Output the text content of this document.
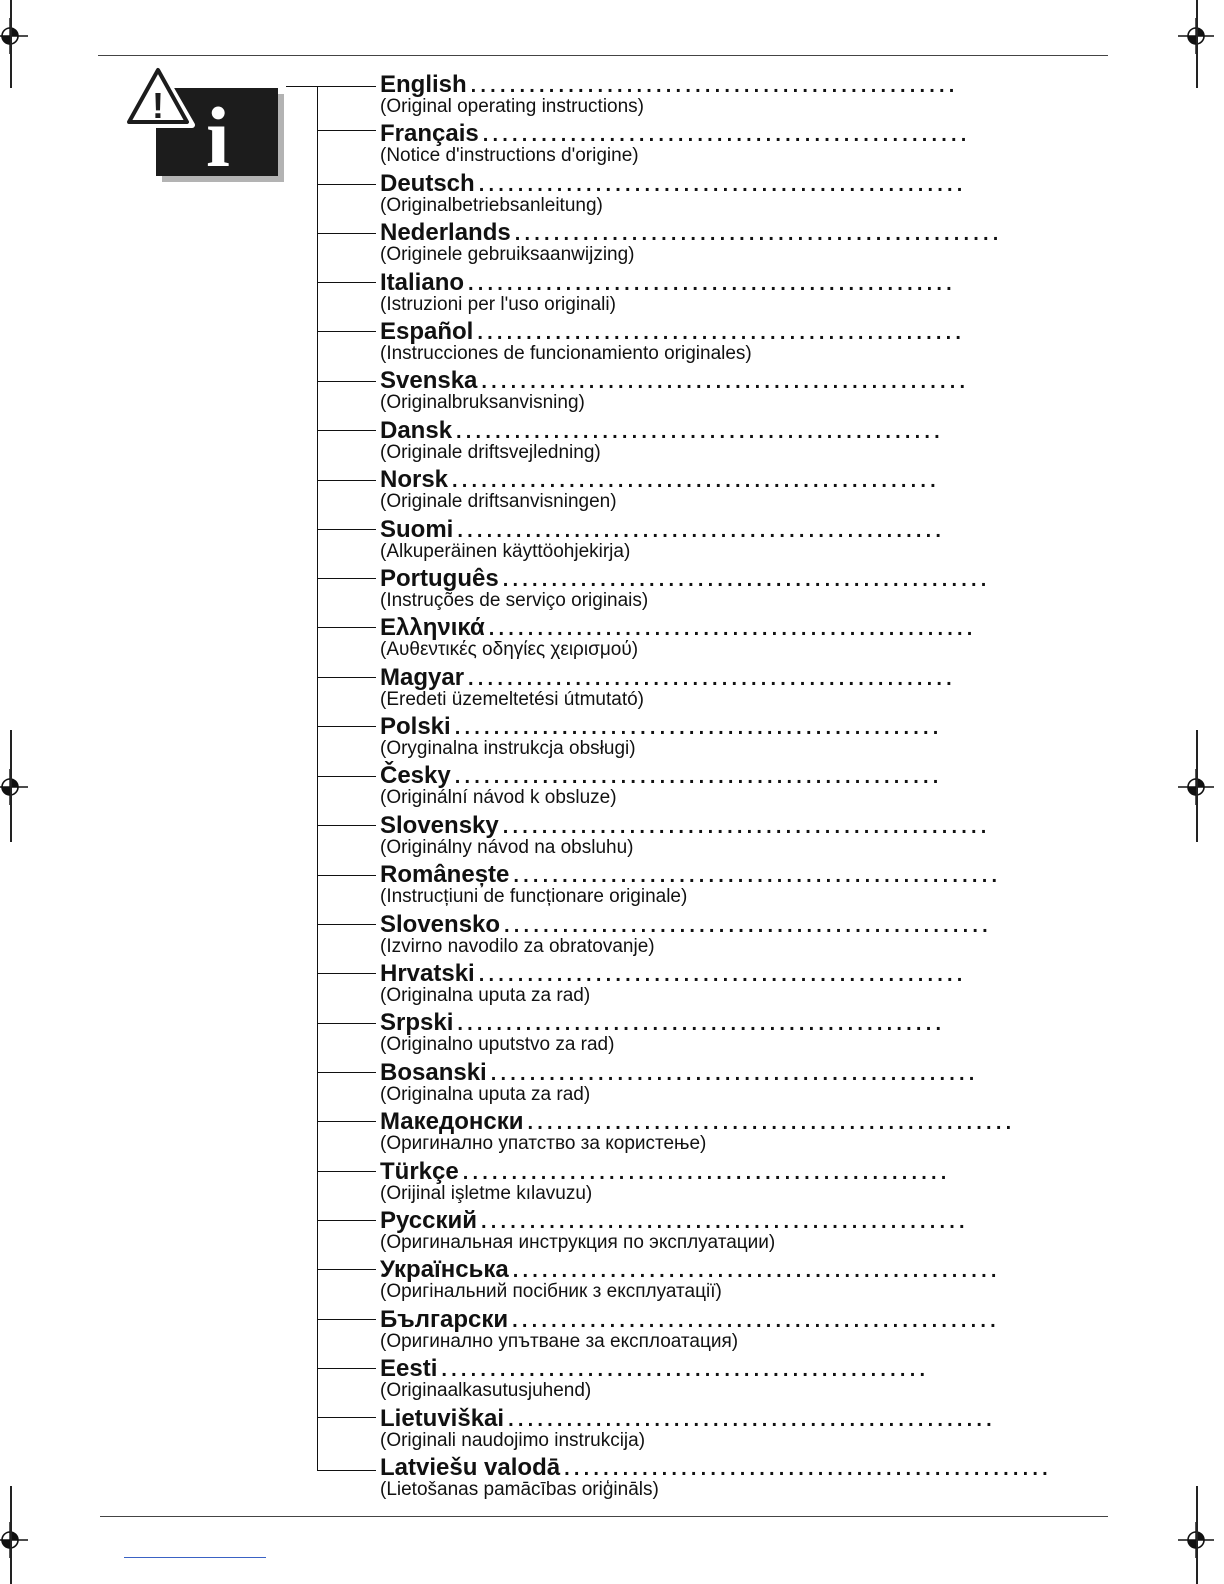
i
!
English ..................................................
(Original operating instructions)
Français ..................................................
(Notice d'instructions d'origine)
Deutsch ..................................................
(Originalbetriebsanleitung)
Nederlands ..................................................
(Originele gebruiksaanwijzing)
Italiano ..................................................
(Istruzioni per l'uso originali)
Español ..................................................
(Instrucciones de funcionamiento originales)
Svenska ..................................................
(Originalbruksanvisning)
Dansk ..................................................
(Originale driftsvejledning)
Norsk ..................................................
(Originale driftsanvisningen)
Suomi ..................................................
(Alkuperäinen käyttöohjekirja)
Português ..................................................
(Instruções de serviço originais)
Ελληνικά ..................................................
(Αυθεντικές οδηγίες χειρισμού)
Magyar ..................................................
(Eredeti üzemeltetési útmutató)
Polski ..................................................
(Oryginalna instrukcja obsługi)
Česky ..................................................
(Originální návod k obsluze)
Slovensky ..................................................
(Originálny návod na obsluhu)
Românește ..................................................
(Instrucțiuni de funcționare originale)
Slovensko ..................................................
(Izvirno navodilo za obratovanje)
Hrvatski ..................................................
(Originalna uputa za rad)
Srpski ..................................................
(Originalno uputstvo za rad)
Bosanski ..................................................
(Originalna uputa za rad)
Македонски ..................................................
(Оригинално упатство за користење)
Türkçe ..................................................
(Orijinal işletme kılavuzu)
Русский ..................................................
(Оригинальная инструкция по эксплуатации)
Українська ..................................................
(Оригінальний посібник з експлуатації)
Български ..................................................
(Оригинално упътване за експлоатация)
Eesti ..................................................
(Originaalkasutusjuhend)
Lietuviškai ..................................................
(Originali naudojimo instrukcija)
Latviešu valodā ..................................................
(Lietošanas pamācības oriģināls)
